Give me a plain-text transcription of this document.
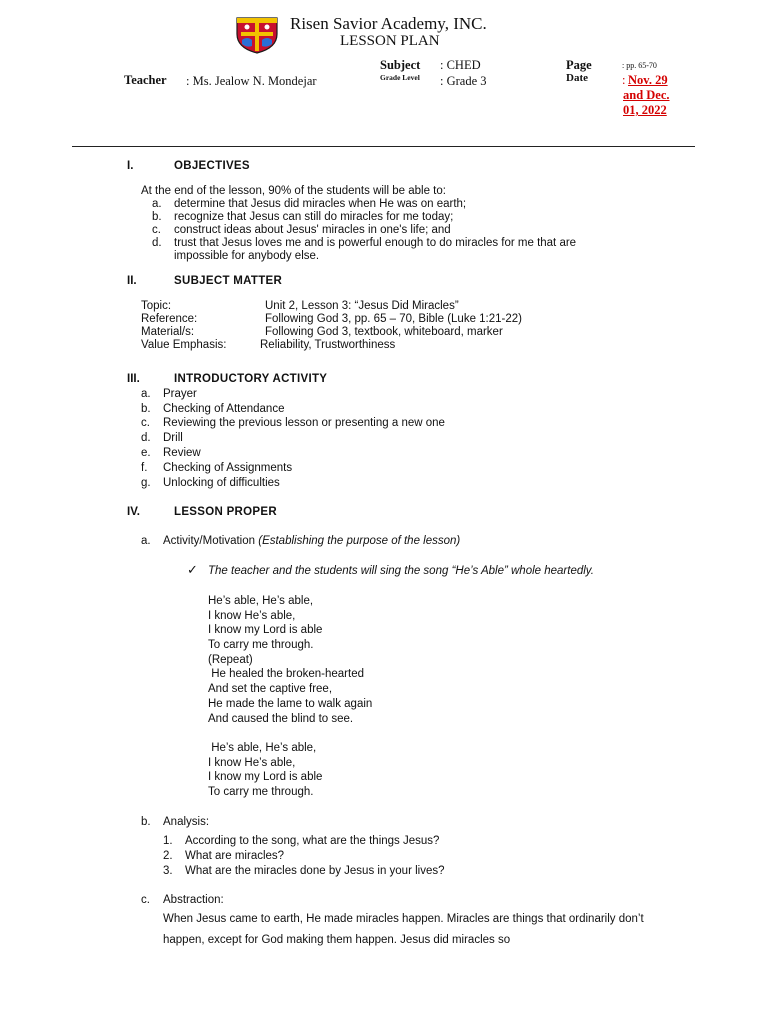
Risen Savior Academy, INC.
LESSON PLAN
Teacher : Ms. Jealow N. Mondejar
Subject : CHED
Grade Level : Grade 3
Page	: pp. 65-70
Date	: Nov. 29
and Dec.
01, 2022
I.	OBJECTIVES
At the end of the lesson, 90% of the students will be able to:
a. determine that Jesus did miracles when He was on earth;
b. recognize that Jesus can still do miracles for me today;
c. construct ideas about Jesus' miracles in one's life; and
d. trust that Jesus loves me and is powerful enough to do miracles for me that are
impossible for anybody else.
II.	SUBJECT MATTER
Topic:	Unit 2, Lesson 3: “Jesus Did Miracles”
Reference:	Following God 3, pp. 65 – 70, Bible (Luke 1:21-22)
Material/s:	Following God 3, textbook, whiteboard, marker
Value Emphasis:	Reliability, Trustworthiness
III.	INTRODUCTORY ACTIVITY
a. Prayer
b. Checking of Attendance
c. Reviewing the previous lesson or presenting a new one
d. Drill
e. Review
f. Checking of Assignments
g. Unlocking of difficulties
IV.	LESSON PROPER
a. Activity/Motivation (Establishing the purpose of the lesson)
✓ The teacher and the students will sing the song “He’s Able” whole heartedly.
He’s able, He’s able,
I know He’s able,
I know my Lord is able
To carry me through.
(Repeat)
He healed the broken-hearted
And set the captive free,
He made the lame to walk again
And caused the blind to see.
He’s able, He’s able,
I know He’s able,
I know my Lord is able
To carry me through.
b. Analysis:
1. According to the song, what are the things Jesus?
2. What are miracles?
3. What are the miracles done by Jesus in your lives?
c. Abstraction:
When Jesus came to earth, He made miracles happen. Miracles are things that ordinarily don’t happen, except for God making them happen. Jesus did miracles so
